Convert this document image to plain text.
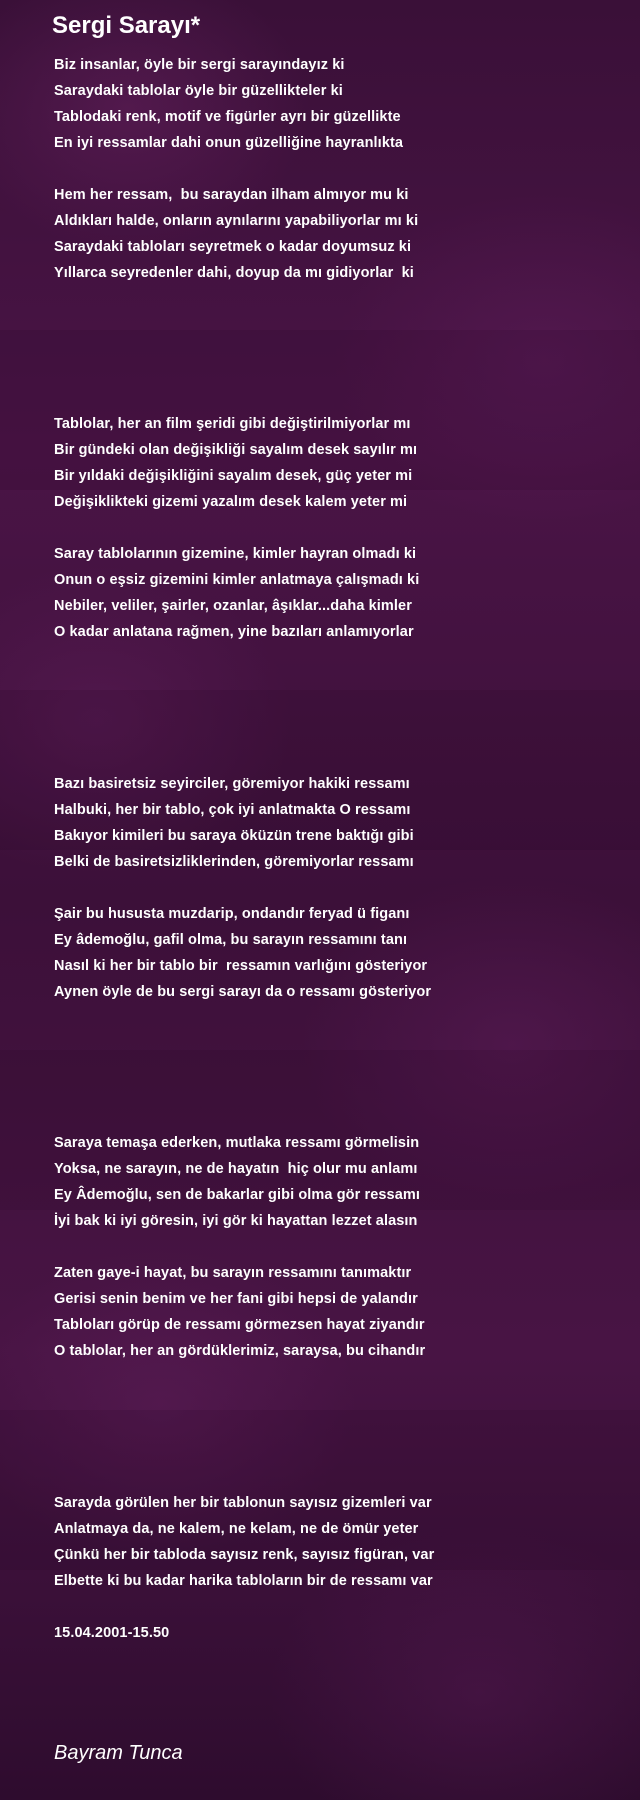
Sergi Sarayı*
Biz insanlar, öyle bir sergi sarayındayız ki
Saraydaki tablolar öyle bir güzellikteler ki
Tablodaki renk, motif ve figürler ayrı bir güzellikte
En iyi ressamlar dahi onun güzelliğine hayranlıkta
Hem her ressam,  bu saraydan ilham almıyor mu ki
Aldıkları halde, onların aynılarını yapabiliyorlar mı ki
Saraydaki tabloları seyretmek o kadar doyumsuz ki
Yıllarca seyredenler dahi, doyup da mı gidiyorlar  ki
Tablolar, her an film şeridi gibi değiştirilmiyorlar mı
Bir gündeki olan değişikliği sayalım desek sayılır mı
Bir yıldaki değişikliğini sayalım desek, güç yeter mi
Değişiklikteki gizemi yazalım desek kalem yeter mi
Saray tablolarının gizemine, kimler hayran olmadı ki
Onun o eşsiz gizemini kimler anlatmaya çalışmadı ki
Nebiler, veliler, şairler, ozanlar, âşıklar...daha kimler
O kadar anlatana rağmen, yine bazıları anlamıyorlar
Bazı basiretsiz seyirciler, göremiyor hakiki ressamı
Halbuki, her bir tablo, çok iyi anlatmakta O ressamı
Bakıyor kimileri bu saraya öküzün trene baktığı gibi
Belki de basiretsizliklerinden, göremiyorlar ressamı
Şair bu hususta muzdarip, ondandır feryad ü figanı
Ey âdemoğlu, gafil olma, bu sarayın ressamını tanı
Nasıl ki her bir tablo bir  ressamın varlığını gösteriyor
Aynen öyle de bu sergi sarayı da o ressamı gösteriyor
Saraya temaşa ederken, mutlaka ressamı görmelisin
Yoksa, ne sarayın, ne de hayatın  hiç olur mu anlamı
Ey Âdemoğlu, sen de bakarlar gibi olma gör ressamı
İyi bak ki iyi göresin, iyi gör ki hayattan lezzet alasın
Zaten gaye-i hayat, bu sarayın ressamını tanımaktır
Gerisi senin benim ve her fani gibi hepsi de yalandır
Tabloları görüp de ressamı görmezsen hayat ziyandır
O tablolar, her an gördüklerimiz, saraysa, bu cihandır
Sarayda görülen her bir tablonun sayısız gizemleri var
Anlatmaya da, ne kalem, ne kelam, ne de ömür yeter
Çünkü her bir tabloda sayısız renk, sayısız figüran, var
Elbette ki bu kadar harika tabloların bir de ressamı var
15.04.2001-15.50
Bayram Tunca
